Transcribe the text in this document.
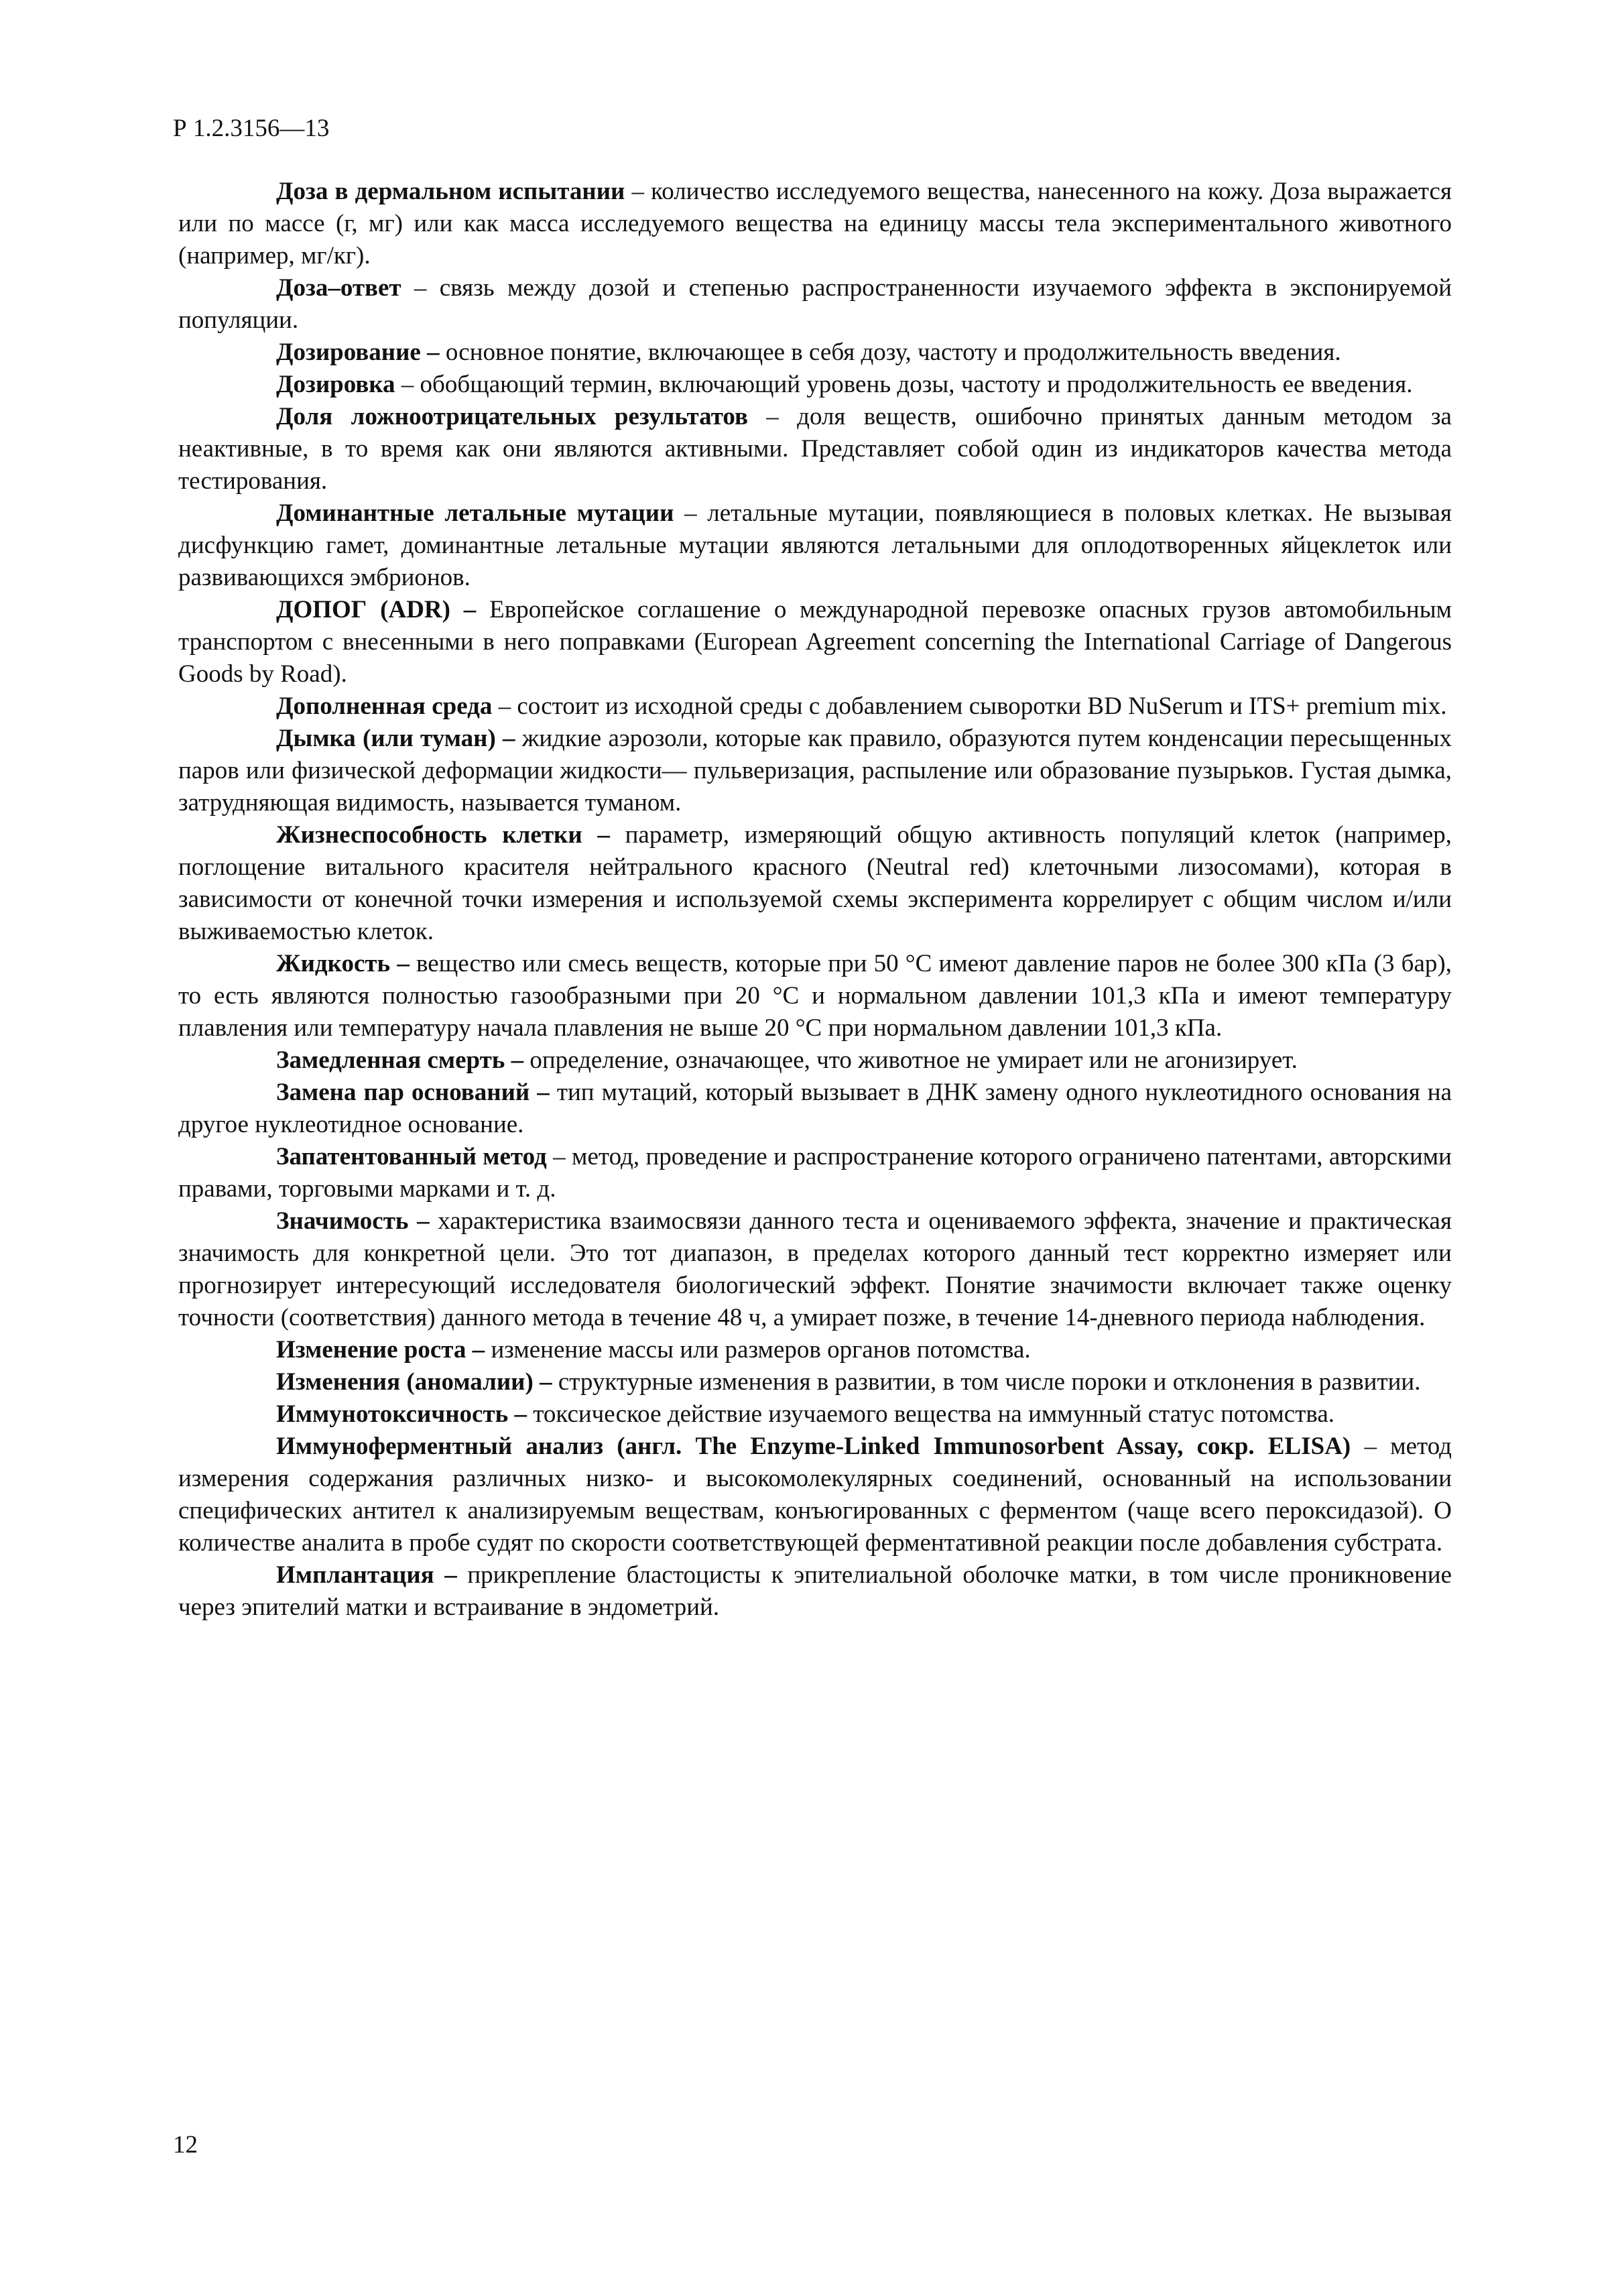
Р 1.2.3156—13

Доза в дермальном испытании – количество исследуемого вещества, нанесенного на кожу. Доза выражается или по массе (г, мг) или как масса исследуемого вещества на единицу массы тела экспериментального животного (например, мг/кг).

Доза–ответ – связь между дозой и степенью распространенности изучаемого эффекта в экспонируемой популяции.

Дозирование – основное понятие, включающее в себя дозу, частоту и продолжительность введения.

Дозировка – обобщающий термин, включающий уровень дозы, частоту и продолжительность ее введения.

Доля ложноотрицательных результатов – доля веществ, ошибочно принятых данным методом за неактивные, в то время как они являются активными. Представляет собой один из индикаторов качества метода тестирования.

Доминантные летальные мутации – летальные мутации, появляющиеся в половых клетках. Не вызывая дисфункцию гамет, доминантные летальные мутации являются летальными для оплодотворенных яйцеклеток или развивающихся эмбрионов.

ДОПОГ (ADR) – Европейское соглашение о международной перевозке опасных грузов автомобильным транспортом с внесенными в него поправками (European Agreement concerning the International Carriage of Dangerous Goods by Road).

Дополненная среда – состоит из исходной среды с добавлением сыворотки BD NuSerum и ITS+ premium mix.

Дымка (или туман) – жидкие аэрозоли, которые как правило, образуются путем конденсации пересыщенных паров или физической деформации жидкости— пульверизация, распыление или образование пузырьков. Густая дымка, затрудняющая видимость, называется туманом.

Жизнеспособность клетки – параметр, измеряющий общую активность популяций клеток (например, поглощение витального красителя нейтрального красного (Neutral red) клеточными лизосомами), которая в зависимости от конечной точки измерения и используемой схемы эксперимента коррелирует с общим числом и/или выживаемостью клеток.

Жидкость – вещество или смесь веществ, которые при 50 °С имеют давление паров не более 300 кПа (3 бар), то есть являются полностью газообразными при 20 °С и нормальном давлении 101,3 кПа и имеют температуру плавления или температуру начала плавления не выше 20 °С при нормальном давлении 101,3 кПа.

Замедленная смерть – определение, означающее, что животное не умирает или не агонизирует.

Замена пар оснований – тип мутаций, который вызывает в ДНК замену одного нуклеотидного основания на другое нуклеотидное основание.

Запатентованный метод – метод, проведение и распространение которого ограничено патентами, авторскими правами, торговыми марками и т. д.

Значимость – характеристика взаимосвязи данного теста и оцениваемого эффекта, значение и практическая значимость для конкретной цели. Это тот диапазон, в пределах которого данный тест корректно измеряет или прогнозирует интересующий исследователя биологический эффект. Понятие значимости включает также оценку точности (соответствия) данного метода в течение 48 ч, а умирает позже, в течение 14-дневного периода наблюдения.

Изменение роста – изменение массы или размеров органов потомства.

Изменения (аномалии) – структурные изменения в развитии, в том числе пороки и отклонения в развитии.

Иммунотоксичность – токсическое действие изучаемого вещества на иммунный статус потомства.

Иммуноферментный анализ (англ. The Enzyme-Linked Immunosorbent Assay, сокр. ELISA) – метод измерения содержания различных низко- и высокомолекулярных соединений, основанный на использовании специфических антител к анализируемым веществам, конъюгированных с ферментом (чаще всего пероксидазой). О количестве аналита в пробе судят по скорости соответствующей ферментативной реакции после добавления субстрата.

Имплантация – прикрепление бластоцисты к эпителиальной оболочке матки, в том числе проникновение через эпителий матки и встраивание в эндометрий.

12
